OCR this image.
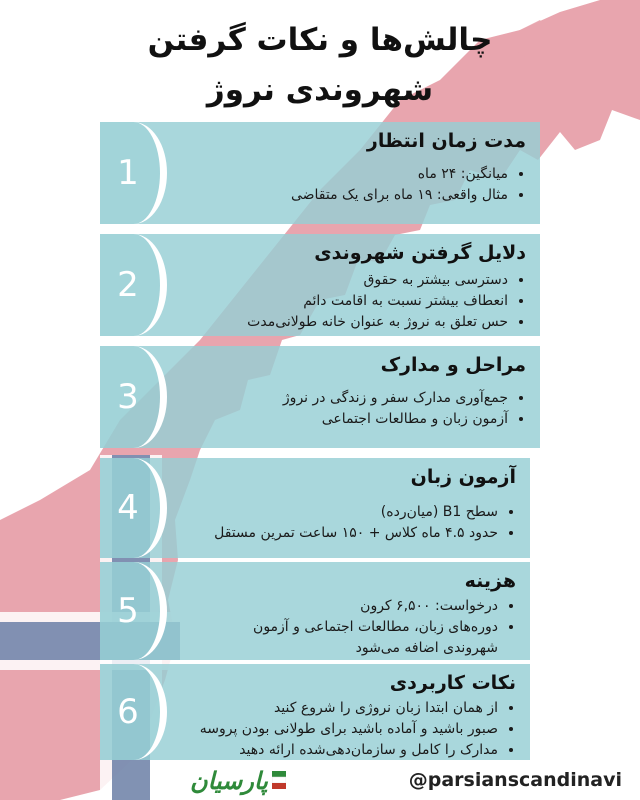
چالش‌ها و نکات گرفتن
شهروندی نروژ
1
مدت زمان انتظار
• میانگین: ۲۴ ماه
• مثال واقعی: ۱۹ ماه برای یک متقاضی
2
دلایل گرفتن شهروندی
• دسترسی بیشتر به حقوق
• انعطاف بیشتر نسبت به اقامت دائم
• حس تعلق به نروژ به عنوان خانه طولانی‌مدت
3
مراحل و مدارک
• جمع‌آوری مدارک سفر و زندگی در نروژ
• آزمون زبان و مطالعات اجتماعی
4
آزمون زبان
• سطح B1 (میان‌رده)
• حدود ۴.۵ ماه کلاس + ۱۵۰ ساعت تمرین مستقل
5
هزینه
• درخواست: ۶,۵۰۰ کرون
• دوره‌های زبان، مطالعات اجتماعی و آزمون شهروندی اضافه می‌شود
6
نکات کاربردی
• از همان ابتدا زبان نروژی را شروع کنید
• صبور باشید و آماده باشید برای طولانی بودن پروسه
• مدارک را کامل و سازمان‌دهی‌شده ارائه دهید
پارسیان	@parsianscandinavi
